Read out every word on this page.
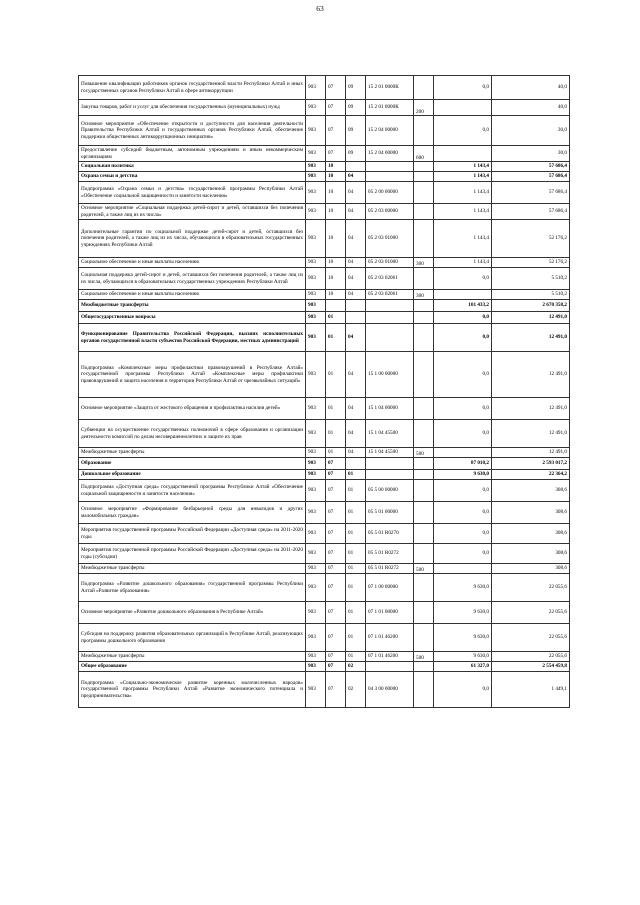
63
Повышение квалификации работников органов государственной власти Республики Алтай и иных государственных органов Республики Алтай в сфере антикоррупции	903	07	09	15 2 01 0000К		0,0	40,0
Закупка товаров, работ и услуг для обеспечения государственных (муниципальных) нужд	903	07	09	15 2 01 0000К	200		40,0
Основное мероприятие «Обеспечение открытости и доступности для населения деятельности Правительства Республики Алтай и государственных органов Республики Алтай, обеспечение поддержки общественных антикоррупционных инициатив»	903	07	09	15 2 04 00000		0,0	30,0
Предоставление субсидий бюджетным, автономным учреждениям и иным некоммерческим организациям	903	07	09	15 2 04 00000	600		30,0
Социальная политика	903	10				1 143,4	57 686,4
Охрана семьи и детства	903	10	04			1 143,4	57 686,4
Подпрограмма «Охрана семьи и детства» государственной программы Республики Алтай «Обеспечение социальной защищенности и занятости населения»	903	10	04	05 2 00 00000		1 143,4	57 686,4
Основное мероприятие «Социальная поддержка детей-сирот и детей, оставшихся без попечения родителей, а также лиц из их числа»	903	10	04	05 2 03 00000		1 143,4	57 686,4
Дополнительные гарантии по социальной поддержке детей-сирот и детей, оставшихся без попечения родителей, а также лиц из их числа, обучающихся в образовательных государственных учреждениях Республики Алтай	903	10	04	05 2 03 01000		1 143,4	52 176,2
Социальное обеспечение и иные выплаты населению	903	10	04	05 2 03 01000	300	1 143,4	52 176,2
Социальная поддержка детей-сирот и детей, оставшихся без попечения родителей, а также лиц из их числа, обучающихся в образовательных государственных учреждениях Республики Алтай	903	10	04	05 2 03 02061		0,0	5 510,2
Социальное обеспечение и иные выплаты населению	903	10	04	05 2 03 02061	300		5 510,2
Межбюджетные трансферты	903					101 433,2	2 670 358,2
Общегосударственные вопросы	903	01				0,0	12 491,0
Функционирование Правительства Российской Федерации, высших исполнительных органов государственной власти субъектов Российской Федерации, местных администраций	903	01	04			0,0	12 491,0
Подпрограмма «Комплексные меры профилактики правонарушений в Республике Алтай» государственной программы Республики Алтай «Комплексные меры профилактики правонарушений и защита населения и территории Республики Алтай от чрезвычайных ситуаций»	903	01	04	15 1 00 00000		0,0	12 491,0
Основное мероприятие «Защита от жестокого обращения и профилактика насилия детей»	903	01	04	15 1 04 00000		0,0	12 491,0
Субвенции на осуществление государственных полномочий в сфере образования и организации деятельности комиссий по делам несовершеннолетних и защите их прав	903	01	04	15 1 04 45500		0,0	12 491,0
Межбюджетные трансферты	903	01	04	15 1 04 45500	500		12 491,0
Образование	903	07				87 010,2	2 593 017,2
Дошкольное образование	903	07	01			9 630,0	22 364,2
Подпрограмма «Доступная среда» государственной программы Республики Алтай «Обеспечение социальной защищенности и занятости населения»	903	07	01	05 5 00 00000		0,0	308,6
Основное мероприятие «Формирование безбарьерной среды для инвалидов и других маломобильных граждан»	903	07	01	05 5 01 00000		0,0	308,6
Мероприятия государственной программы Российской Федерации «Доступная среда» на 2011-2020 годы	903	07	01	05 5 01 R0270		0,0	308,6
Мероприятия государственной программы Российской Федерации «Доступная среда» на 2011-2020 годы (субсидии)	903	07	01	05 5 01 R0272		0,0	308,6
Межбюджетные трансферты	903	07	01	05 5 01 R0272	500		308,6
Подпрограмма «Развитие дошкольного образования» государственной программы Республики Алтай «Развитие образования»	903	07	01	07 1 00 00000		9 630,0	22 055,6
Основное мероприятие «Развитие дошкольного образования в Республике Алтай»	903	07	01	07 1 01 00000		9 630,0	22 055,6
Субсидия на поддержку развития образовательных организаций в Республике Алтай, реализующих программы дошкольного образования	903	07	01	07 1 01 46200		9 630,0	22 055,6
Межбюджетные трансферты	903	07	01	07 1 01 46200	500	9 630,0	22 055,6
Общее образование	903	07	02			61 327,0	2 554 459,8
Подпрограмма «Социально-экономическое развитие коренных малочисленных народов» государственной программы Республики Алтай «Развитие экономического потенциала и предпринимательства»	903	07	02	04 3 00 00000		0,0	1 449,1
